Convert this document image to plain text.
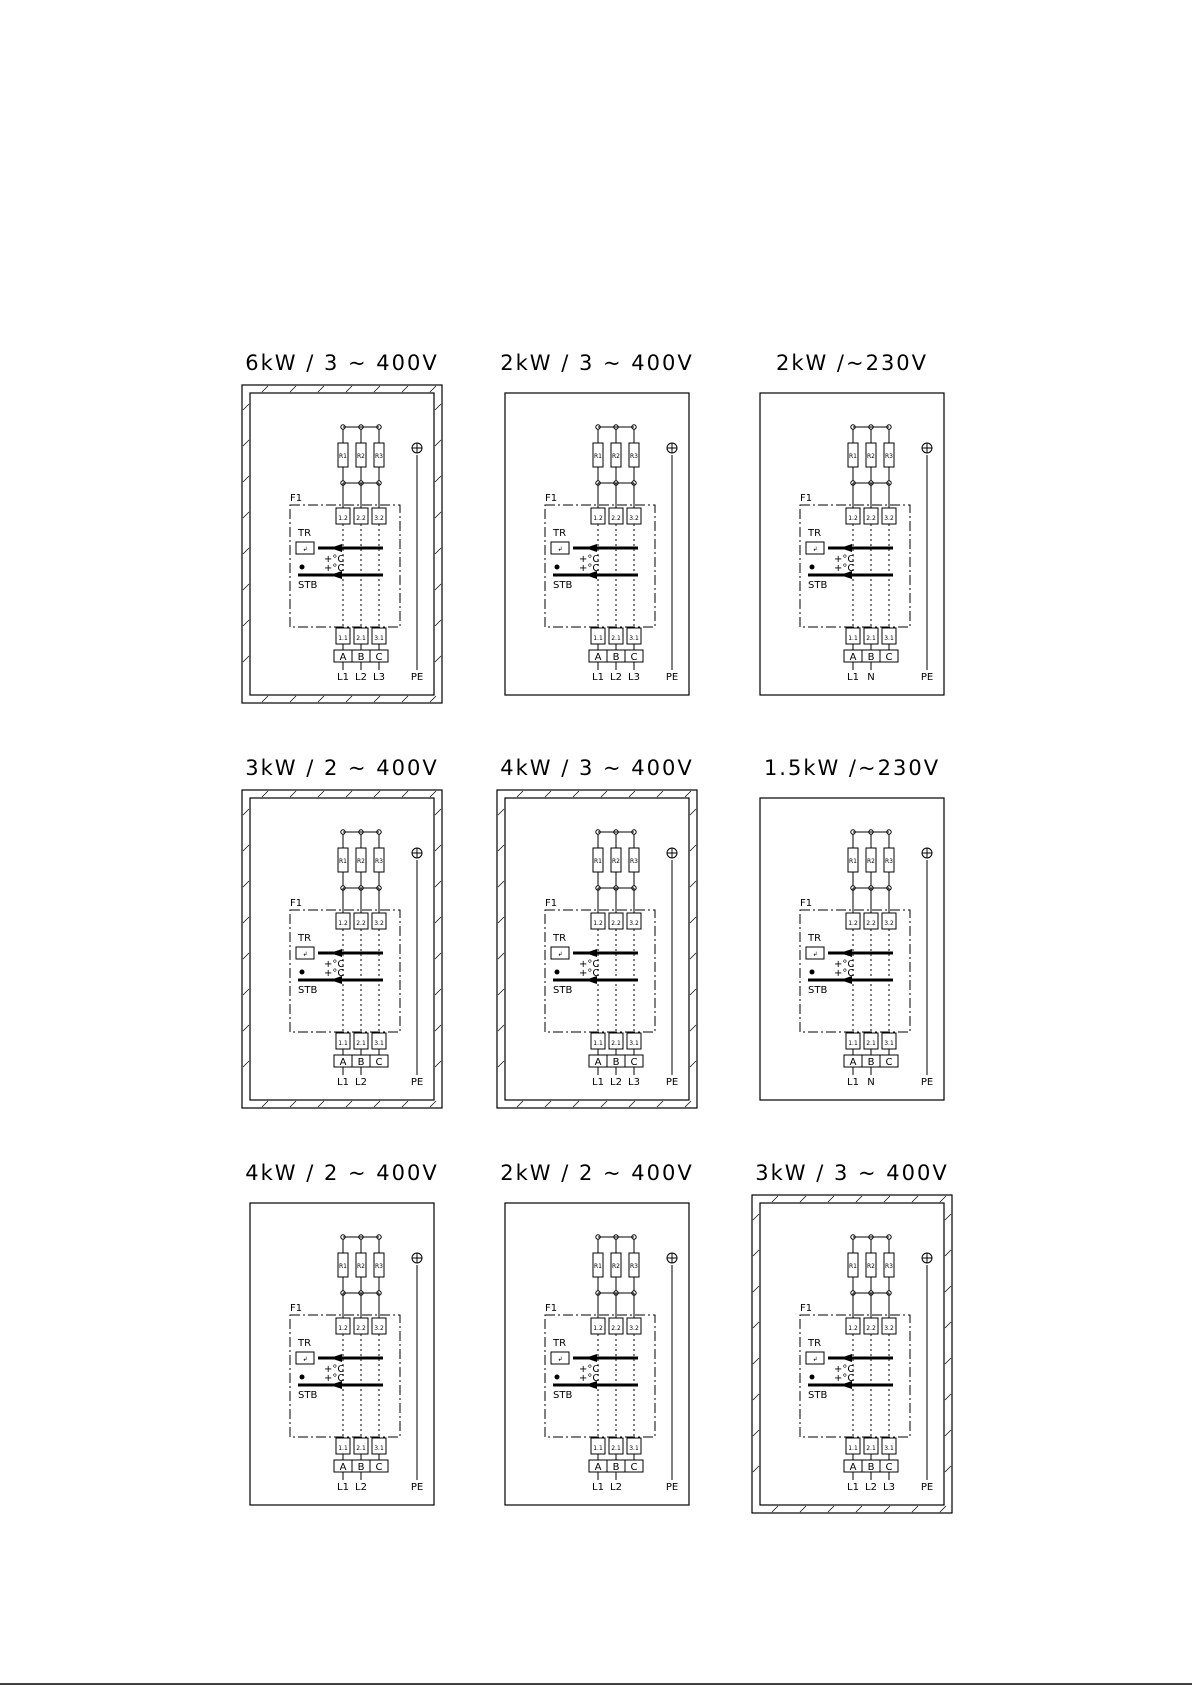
6kW / 3 ~ 400V
R1 R2 R3
F1
1.2
1.1
2.2
2.1
3.2
3.1
TR
↲
+°C
+°C
STB
A B C
L1 L2 L3	PE
2kW / 3 ~ 400V
R1 R2 R3
F1
1.2
1.1
2.2
2.1
3.2
3.1
TR
↲
+°C
+°C
STB
A B C
L1 L2 L3	PE
2kW /~230V
R1 R2 R3
F1
1.2
1.1
2.2
2.1
3.2
3.1
TR
↲
+°C
+°C
STB
A B C
L1 N	PE
3kW / 2 ~ 400V
R1 R2 R3
F1
1.2
1.1
2.2
2.1
3.2
3.1
TR
↲
+°C
+°C
STB
A B C
L1 L2	PE
4kW / 3 ~ 400V
R1 R2 R3
F1
1.2
1.1
2.2
2.1
3.2
3.1
TR
↲
+°C
+°C
STB
A B C
L1 L2 L3	PE
1.5kW /~230V
R1 R2 R3
F1
1.2
1.1
2.2
2.1
3.2
3.1
TR
↲
+°C
+°C
STB
A B C
L1 N	PE
4kW / 2 ~ 400V
R1 R2 R3
F1
1.2
1.1
2.2
2.1
3.2
3.1
TR
↲
+°C
+°C
STB
A B C
L1 L2	PE
2kW / 2 ~ 400V
R1 R2 R3
F1
1.2
1.1
2.2
2.1
3.2
3.1
TR
↲
+°C
+°C
STB
A B C
L1 L2	PE
3kW / 3 ~ 400V
R1 R2 R3
F1
1.2
1.1
2.2
2.1
3.2
3.1
TR
↲
+°C
+°C
STB
A B C
L1 L2 L3	PE
